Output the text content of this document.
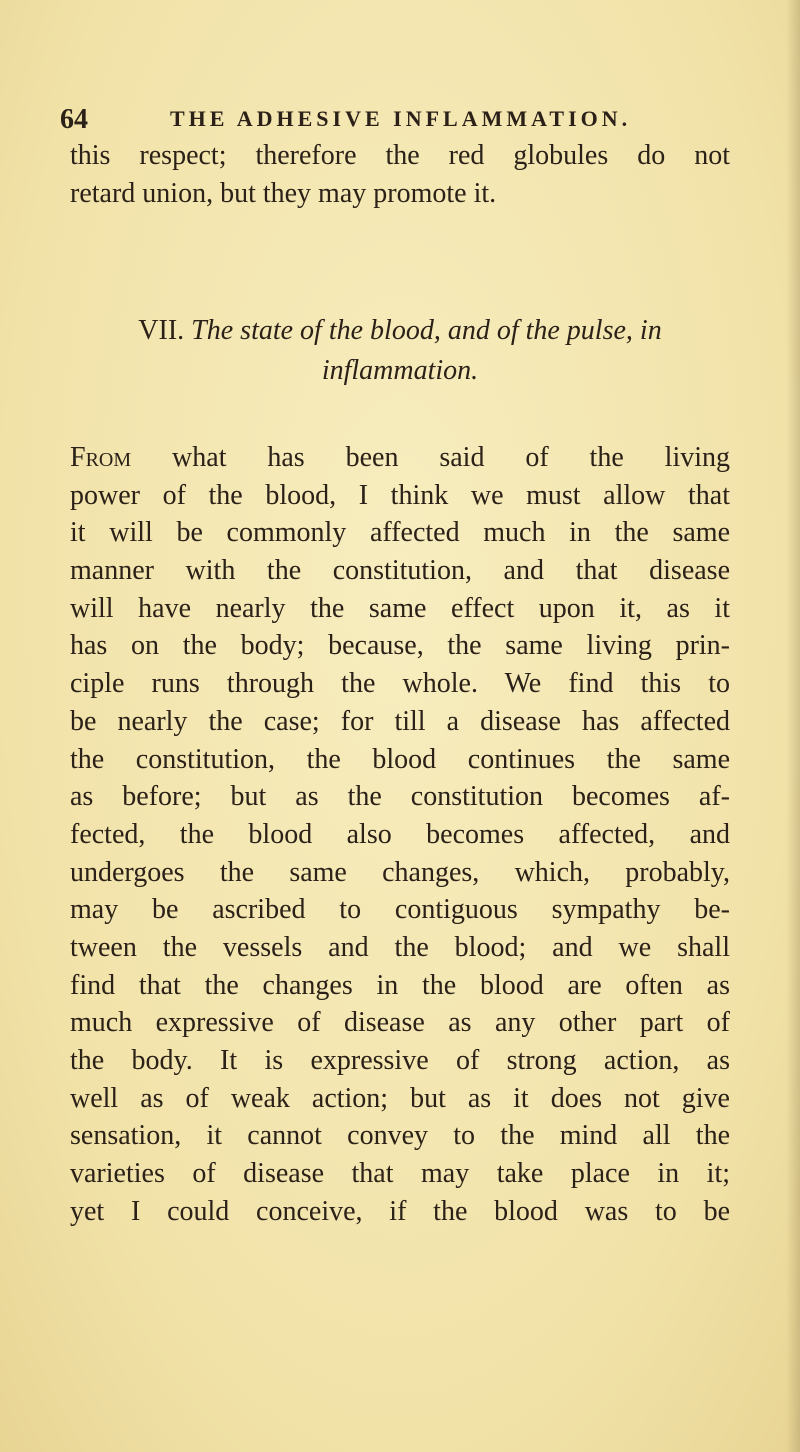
64	THE ADHESIVE INFLAMMATION.
this respect; therefore the red globules do not
retard union, but they may promote it.
VII. The state of the blood, and of the pulse, in
inflammation.
From what has been said of the living
power of the blood, I think we must allow that
it will be commonly affected much in the same
manner with the constitution, and that disease
will have nearly the same effect upon it, as it
has on the body; because, the same living prin-
ciple runs through the whole. We find this to
be nearly the case; for till a disease has affected
the constitution, the blood continues the same
as before; but as the constitution becomes af-
fected, the blood also becomes affected, and
undergoes the same changes, which, probably,
may be ascribed to contiguous sympathy be-
tween the vessels and the blood; and we shall
find that the changes in the blood are often as
much expressive of disease as any other part of
the body. It is expressive of strong action, as
well as of weak action; but as it does not give
sensation, it cannot convey to the mind all the
varieties of disease that may take place in it;
yet I could conceive, if the blood was to be
